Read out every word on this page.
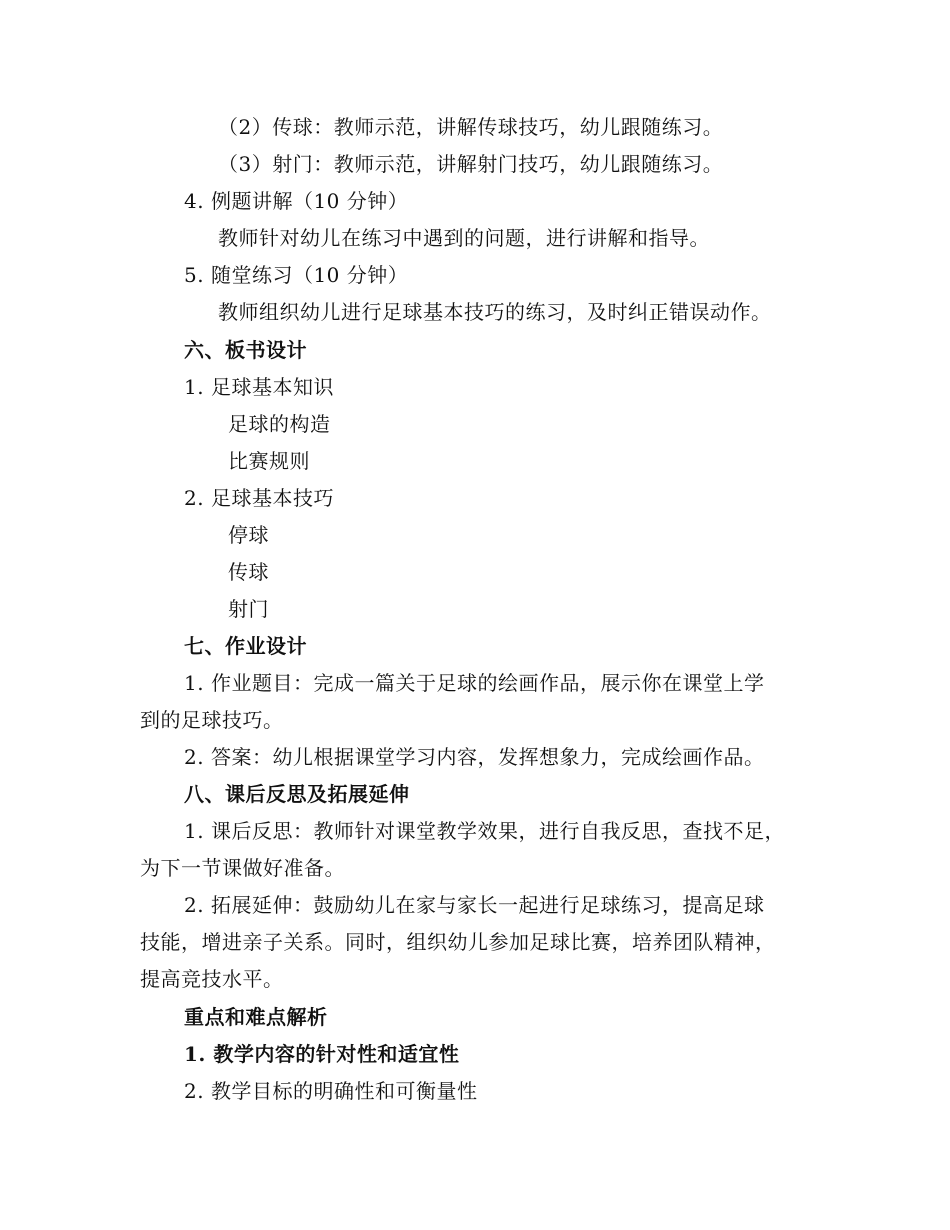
（2）传球：教师示范，讲解传球技巧，幼儿跟随练习。
（3）射门：教师示范，讲解射门技巧，幼儿跟随练习。
4. 例题讲解（10 分钟）
教师针对幼儿在练习中遇到的问题，进行讲解和指导。
5. 随堂练习（10 分钟）
教师组织幼儿进行足球基本技巧的练习，及时纠正错误动作。
六、板书设计
1. 足球基本知识
足球的构造
比赛规则
2. 足球基本技巧
停球
传球
射门
七、作业设计
1. 作业题目：完成一篇关于足球的绘画作品，展示你在课堂上学
到的足球技巧。
2. 答案：幼儿根据课堂学习内容，发挥想象力，完成绘画作品。
八、课后反思及拓展延伸
1. 课后反思：教师针对课堂教学效果，进行自我反思，查找不足，
为下一节课做好准备。
2. 拓展延伸：鼓励幼儿在家与家长一起进行足球练习，提高足球
技能，增进亲子关系。同时，组织幼儿参加足球比赛，培养团队精神，
提高竞技水平。
重点和难点解析
1. 教学内容的针对性和适宜性
2. 教学目标的明确性和可衡量性
